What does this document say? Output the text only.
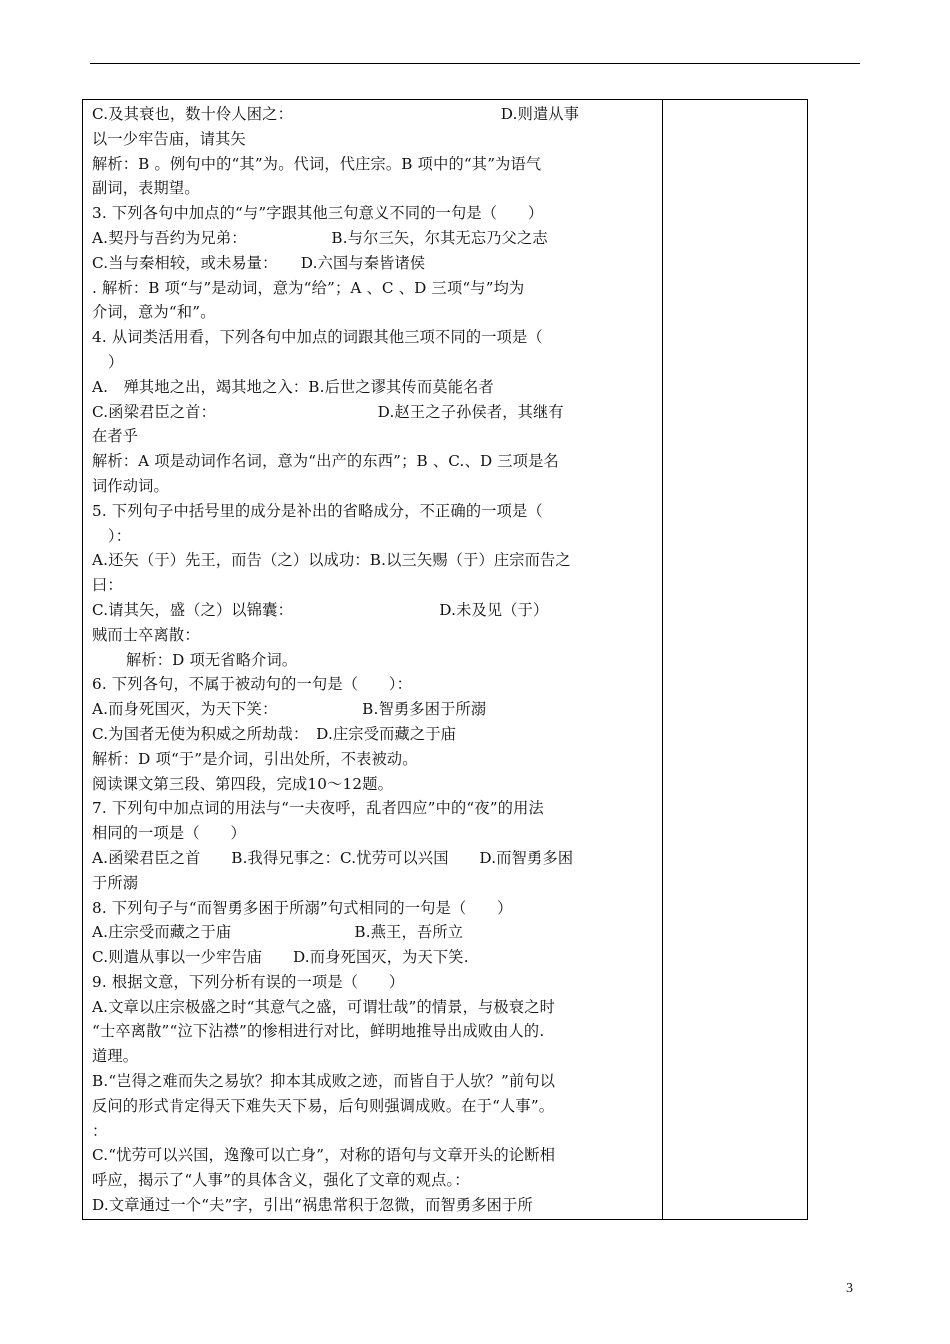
C.及其衰也，数十伶人困之：　　　　　　　　　　　　　　D.则遣从事
以一少牢告庙，请其矢
解析：B 。例句中的“其”为。代词，代庄宗。B 项中的“其”为语气
副词，表期望。
3. 下列各句中加点的“与”字跟其他三句意义不同的一句是（　　）
A.契丹与吾约为兄弟：　　　　　　B.与尔三矢，尔其无忘乃父之志
C.当与秦相较，或未易量：　　D.六国与秦皆诸侯
. 解析：B 项“与”是动词，意为“给”；A 、C 、D 三项“与”均为
介词，意为“和”。
4. 从词类活用看，下列各句中加点的词跟其他三项不同的一项是（
）
A.　殚其地之出，竭其地之入：B.后世之谬其传而莫能名者
C.函梁君臣之首：　　　　　　　　　　　D.赵王之子孙侯者，其继有
在者乎
解析：A 项是动词作名词，意为“出产的东西”；B 、C.、D 三项是名
词作动词。
5. 下列句子中括号里的成分是补出的省略成分，不正确的一项是（
）：
A.还矢（于）先王，而告（之）以成功：B.以三矢赐（于）庄宗而告之
曰：
C.请其矢，盛（之）以锦囊：　　　　　　　　　　D.未及见（于）
贼而士卒离散：
解析：D 项无省略介词。
6. 下列各句，不属于被动句的一句是（　　）：
A.而身死国灭，为天下笑：　　　　　　B.智勇多困于所溺
C.为国者无使为积威之所劫哉：　D.庄宗受而藏之于庙
解析：D 项“于”是介词，引出处所，不表被动。
阅读课文第三段、第四段，完成10～12题。
7. 下列句中加点词的用法与“一夫夜呼，乱者四应”中的“夜”的用法
相同的一项是（　　）
A.函梁君臣之首　　B.我得兄事之：C.忧劳可以兴国　　D.而智勇多困
于所溺
8. 下列句子与“而智勇多困于所溺”句式相同的一句是（　　）
A.庄宗受而藏之于庙　　　　　　　　B.燕王，吾所立
C.则遣从事以一少牢告庙　　D.而身死国灭，为天下笑.
9. 根据文意，下列分析有误的一项是（　　）
A.文章以庄宗极盛之时“其意气之盛，可谓壮哉”的情景，与极衰之时
“士卒离散”“泣下沾襟”的惨相进行对比，鲜明地推导出成败由人的.
道理。
B.“岂得之难而失之易欤？抑本其成败之迹，而皆自于人欤？”前句以
反问的形式肯定得天下难失天下易，后句则强调成败。在于“人事”。
：
C.“忧劳可以兴国，逸豫可以亡身”，对称的语句与文章开头的论断相
呼应，揭示了“人事”的具体含义，强化了文章的观点。：
D.文章通过一个“夫”字，引出“祸患常积于忽微，而智勇多困于所
3
